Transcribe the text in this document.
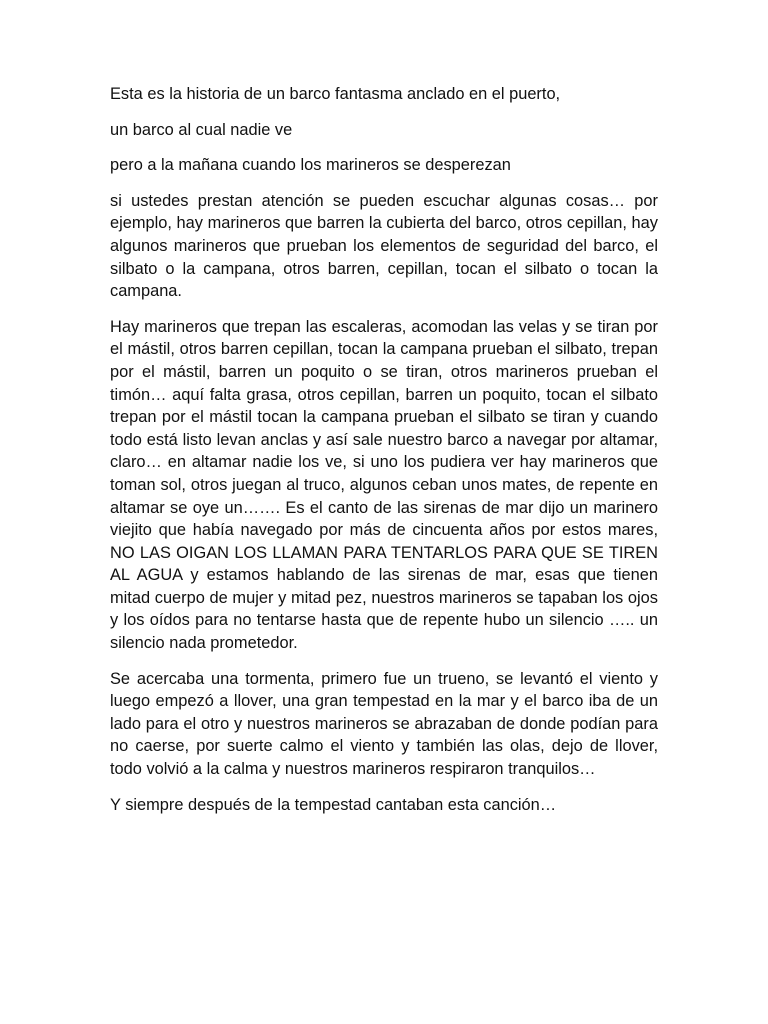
Esta es la historia de un barco fantasma anclado en el puerto,

un barco al cual nadie ve

pero a la mañana cuando los marineros se desperezan

si ustedes prestan atención se pueden escuchar algunas cosas… por ejemplo, hay marineros que barren la cubierta del barco, otros cepillan, hay algunos marineros que prueban los elementos de seguridad del barco, el silbato o la campana, otros barren, cepillan, tocan el silbato o tocan la campana.

Hay marineros que trepan las escaleras, acomodan las velas y se tiran por el mástil, otros barren cepillan, tocan la campana prueban el silbato, trepan por el mástil, barren un poquito o se tiran, otros marineros prueban el timón… aquí falta grasa, otros cepillan, barren un poquito, tocan el silbato trepan por el mástil tocan la campana prueban el silbato se tiran y cuando todo está listo levan anclas y así sale nuestro barco a navegar por altamar, claro… en altamar nadie los ve, si uno los pudiera ver hay marineros que toman sol, otros juegan al truco, algunos ceban unos mates, de repente en altamar se oye un……. Es el canto de las sirenas de mar dijo un marinero viejito que había navegado por más de cincuenta años por estos mares, NO LAS OIGAN LOS LLAMAN PARA TENTARLOS PARA QUE SE TIREN AL AGUA y estamos hablando de las sirenas de mar, esas que tienen mitad cuerpo de mujer y mitad pez, nuestros marineros se tapaban los ojos y los oídos para no tentarse hasta que de repente hubo un silencio ….. un silencio nada prometedor.

Se acercaba una tormenta, primero fue un trueno, se levantó el viento y luego empezó a llover, una gran tempestad en la mar y el barco iba de un lado para el otro y nuestros marineros se abrazaban de donde podían para no caerse, por suerte calmo el viento y también las olas, dejo de llover, todo volvió a la calma y nuestros marineros respiraron tranquilos…

Y siempre después de la tempestad cantaban esta canción…
